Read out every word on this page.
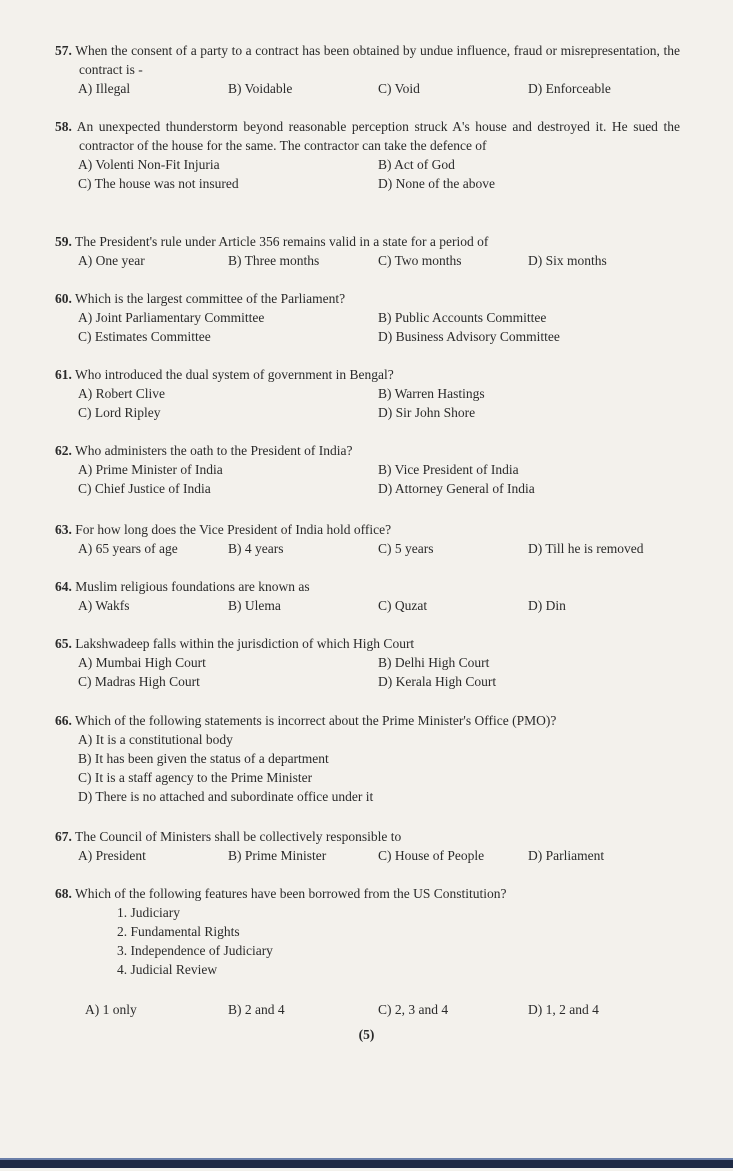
57. When the consent of a party to a contract has been obtained by undue influence, fraud or misrepresentation, the contract is -
A) Illegal	B) Voidable	C) Void	D) Enforceable
58. An unexpected thunderstorm beyond reasonable perception struck A's house and destroyed it. He sued the contractor of the house for the same. The contractor can take the defence of
A) Volenti Non-Fit Injuria	B) Act of God
C) The house was not insured	D) None of the above
59. The President's rule under Article 356 remains valid in a state for a period of
A) One year	B) Three months	C) Two months	D) Six months
60. Which is the largest committee of the Parliament?
A) Joint Parliamentary Committee	B) Public Accounts Committee
C) Estimates Committee	D) Business Advisory Committee
61. Who introduced the dual system of government in Bengal?
A) Robert Clive	B) Warren Hastings
C) Lord Ripley	D) Sir John Shore
62. Who administers the oath to the President of India?
A) Prime Minister of India	B) Vice President of India
C) Chief Justice of India	D) Attorney General of India
63. For how long does the Vice President of India hold office?
A) 65 years of age	B) 4 years	C) 5 years	D) Till he is removed
64. Muslim religious foundations are known as
A) Wakfs	B) Ulema	C) Quzat	D) Din
65. Lakshwadeep falls within the jurisdiction of which High Court
A) Mumbai High Court	B) Delhi High Court
C) Madras High Court	D) Kerala High Court
66. Which of the following statements is incorrect about the Prime Minister's Office (PMO)?
A) It is a constitutional body
B) It has been given the status of a department
C) It is a staff agency to the Prime Minister
D) There is no attached and subordinate office under it
67. The Council of Ministers shall be collectively responsible to
A) President	B) Prime Minister	C) House of People	D) Parliament
68. Which of the following features have been borrowed from the US Constitution?
1. Judiciary
2. Fundamental Rights
3. Independence of Judiciary
4. Judicial Review
A) 1 only	B) 2 and 4	C) 2, 3 and 4	D) 1, 2 and 4
(5)
